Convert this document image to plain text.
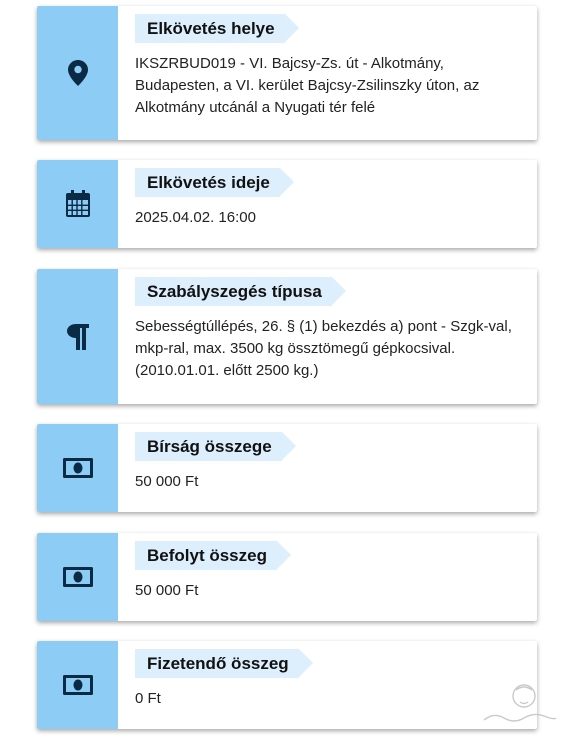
Elkövetés helye
IKSZRBUD019 - VI. Bajcsy-Zs. út - Alkotmány, Budapesten, a VI. kerület Bajcsy-Zsilinszky úton, az Alkotmány utcánál a Nyugati tér felé
Elkövetés ideje
2025.04.02. 16:00
Szabályszegés típusa
Sebességtúllépés, 26. § (1) bekezdés a) pont - Szgk-val, mkp-ral, max. 3500 kg össztömegű gépkocsival. (2010.01.01. előtt 2500 kg.)
Bírság összege
50 000 Ft
Befolyt összeg
50 000 Ft
Fizetendő összeg
0 Ft
